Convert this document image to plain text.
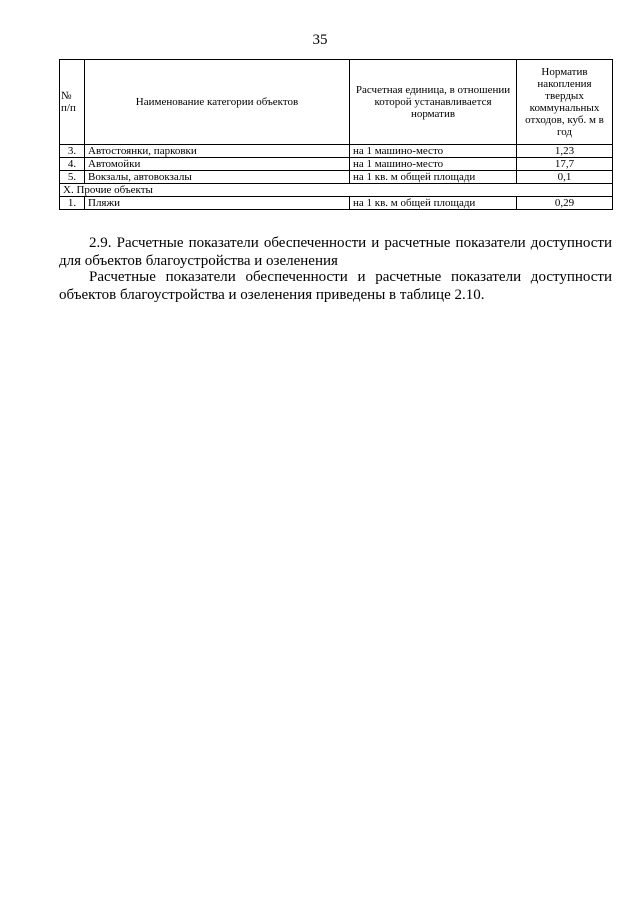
35
№ п/п	Наименование категории объектов	Расчетная единица, в отношении которой устанавливается норматив	Норматив накопления твердых коммунальных отходов, куб. м в год
3.	Автостоянки, парковки	на 1 машино-место	1,23
4.	Автомойки	на 1 машино-место	17,7
5.	Вокзалы, автовокзалы	на 1 кв. м общей площади	0,1
X. Прочие объекты			
1.	Пляжи	на 1 кв. м общей площади	0,29

2.9. Расчетные показатели обеспеченности и расчетные показатели доступности для объектов благоустройства и озеленения

Расчетные показатели обеспеченности и расчетные показатели доступности объектов благоустройства и озеленения приведены в таблице 2.10.
